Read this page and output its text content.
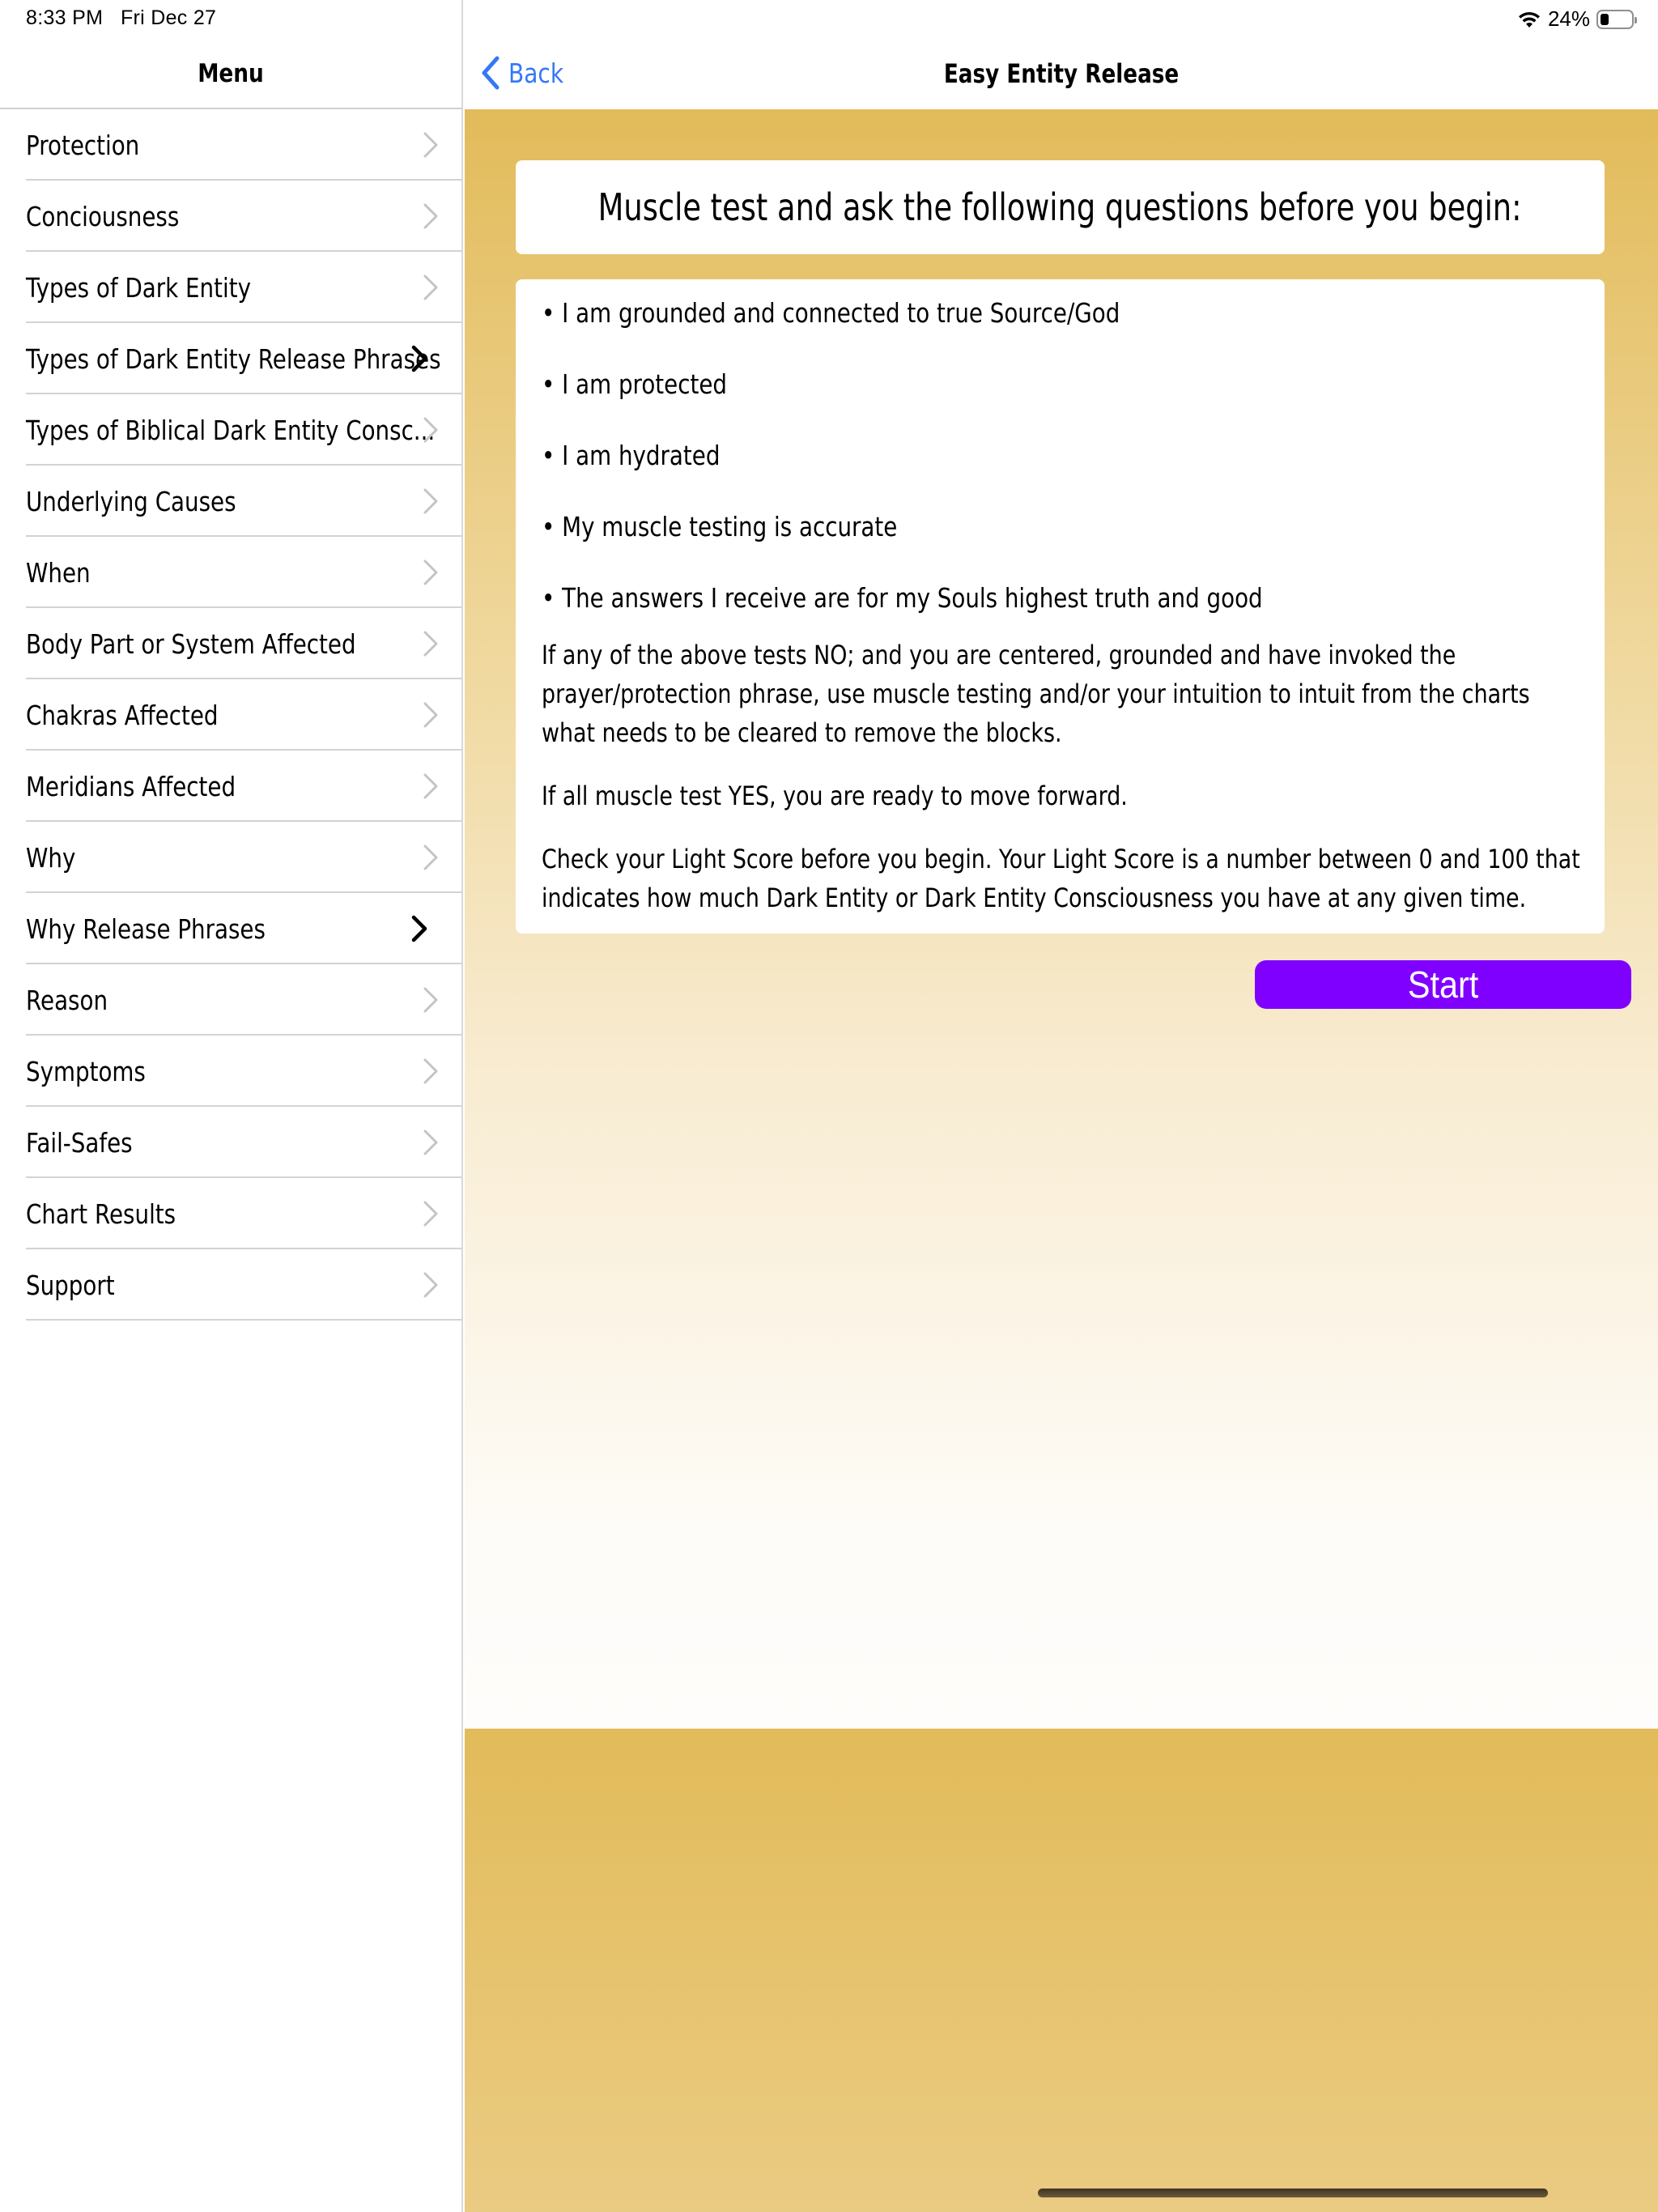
8:33 PM Fri Dec 27	24%
Menu
Protection
Conciousness
Types of Dark Entity
Types of Dark Entity Release Phrases
Types of Biblical Dark Entity Consc...
Underlying Causes
When
Body Part or System Affected
Chakras Affected
Meridians Affected
Why
Why Release Phrases
Reason
Symptoms
Fail-Safes
Chart Results
Support
Back	Easy Entity Release
Muscle test and ask the following questions before you begin:
• I am grounded and connected to true Source/God
• I am protected
• I am hydrated
• My muscle testing is accurate
• The answers I receive are for my Souls highest truth and good
If any of the above tests NO; and you are centered, grounded and have invoked the prayer/protection phrase, use muscle testing and/or your intuition to intuit from the charts what needs to be cleared to remove the blocks.
If all muscle test YES, you are ready to move forward.
Check your Light Score before you begin. Your Light Score is a number between 0 and 100 that indicates how much Dark Entity or Dark Entity Consciousness you have at any given time.
Start
